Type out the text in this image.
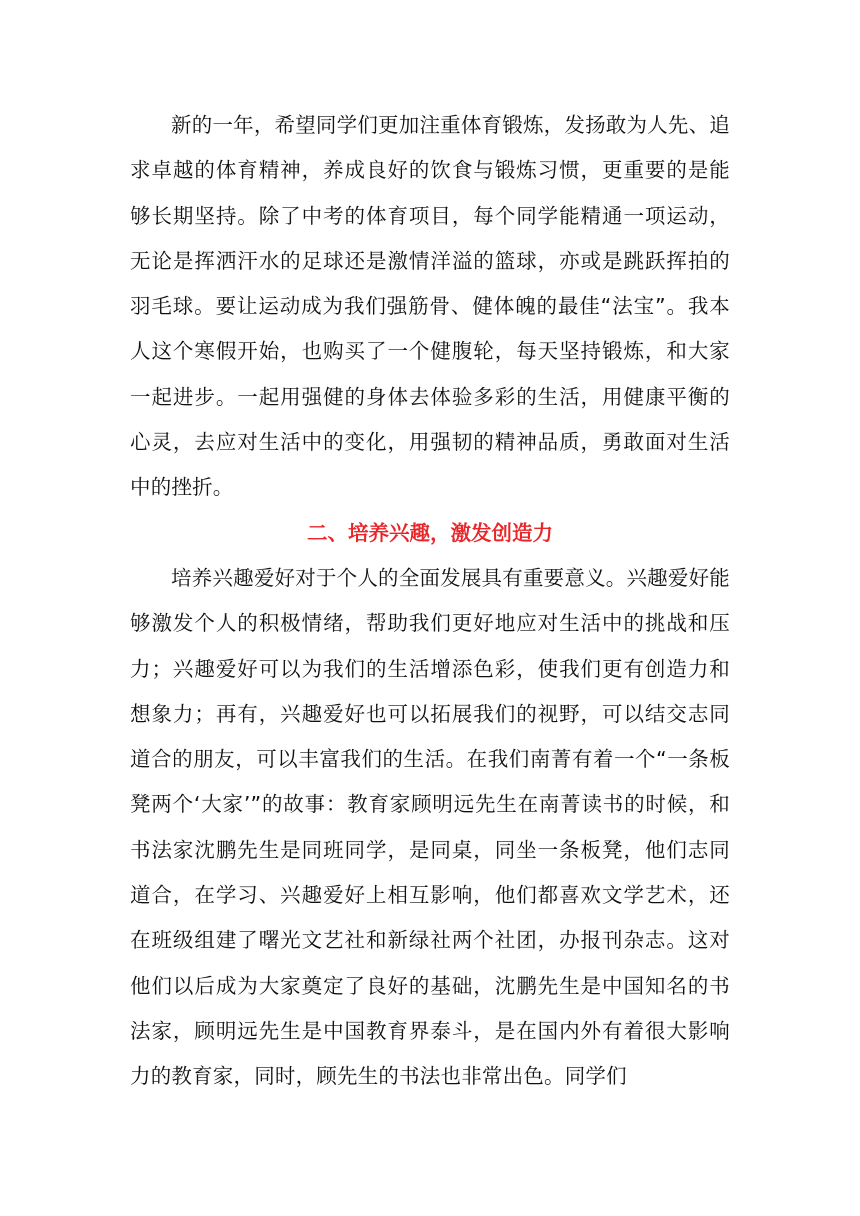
新的一年，希望同学们更加注重体育锻炼，发扬敢为人先、追求卓越的体育精神，养成良好的饮食与锻炼习惯，更重要的是能够长期坚持。除了中考的体育项目，每个同学能精通一项运动，无论是挥洒汗水的足球还是激情洋溢的篮球，亦或是跳跃挥拍的羽毛球。要让运动成为我们强筋骨、健体魄的最佳“法宝”。我本人这个寒假开始，也购买了一个健腹轮，每天坚持锻炼，和大家一起进步。一起用强健的身体去体验多彩的生活，用健康平衡的心灵，去应对生活中的变化，用强韧的精神品质，勇敢面对生活中的挫折。

二、培养兴趣，激发创造力

培养兴趣爱好对于个人的全面发展具有重要意义。兴趣爱好能够激发个人的积极情绪，帮助我们更好地应对生活中的挑战和压力；兴趣爱好可以为我们的生活增添色彩，使我们更有创造力和想象力；再有，兴趣爱好也可以拓展我们的视野，可以结交志同道合的朋友，可以丰富我们的生活。在我们南菁有着一个“一条板凳两个‘大家’”的故事：教育家顾明远先生在南菁读书的时候，和书法家沈鹏先生是同班同学，是同桌，同坐一条板凳，他们志同道合，在学习、兴趣爱好上相互影响，他们都喜欢文学艺术，还在班级组建了曙光文艺社和新绿社两个社团，办报刊杂志。这对他们以后成为大家奠定了良好的基础，沈鹏先生是中国知名的书法家，顾明远先生是中国教育界泰斗，是在国内外有着很大影响力的教育家，同时，顾先生的书法也非常出色。同学们
